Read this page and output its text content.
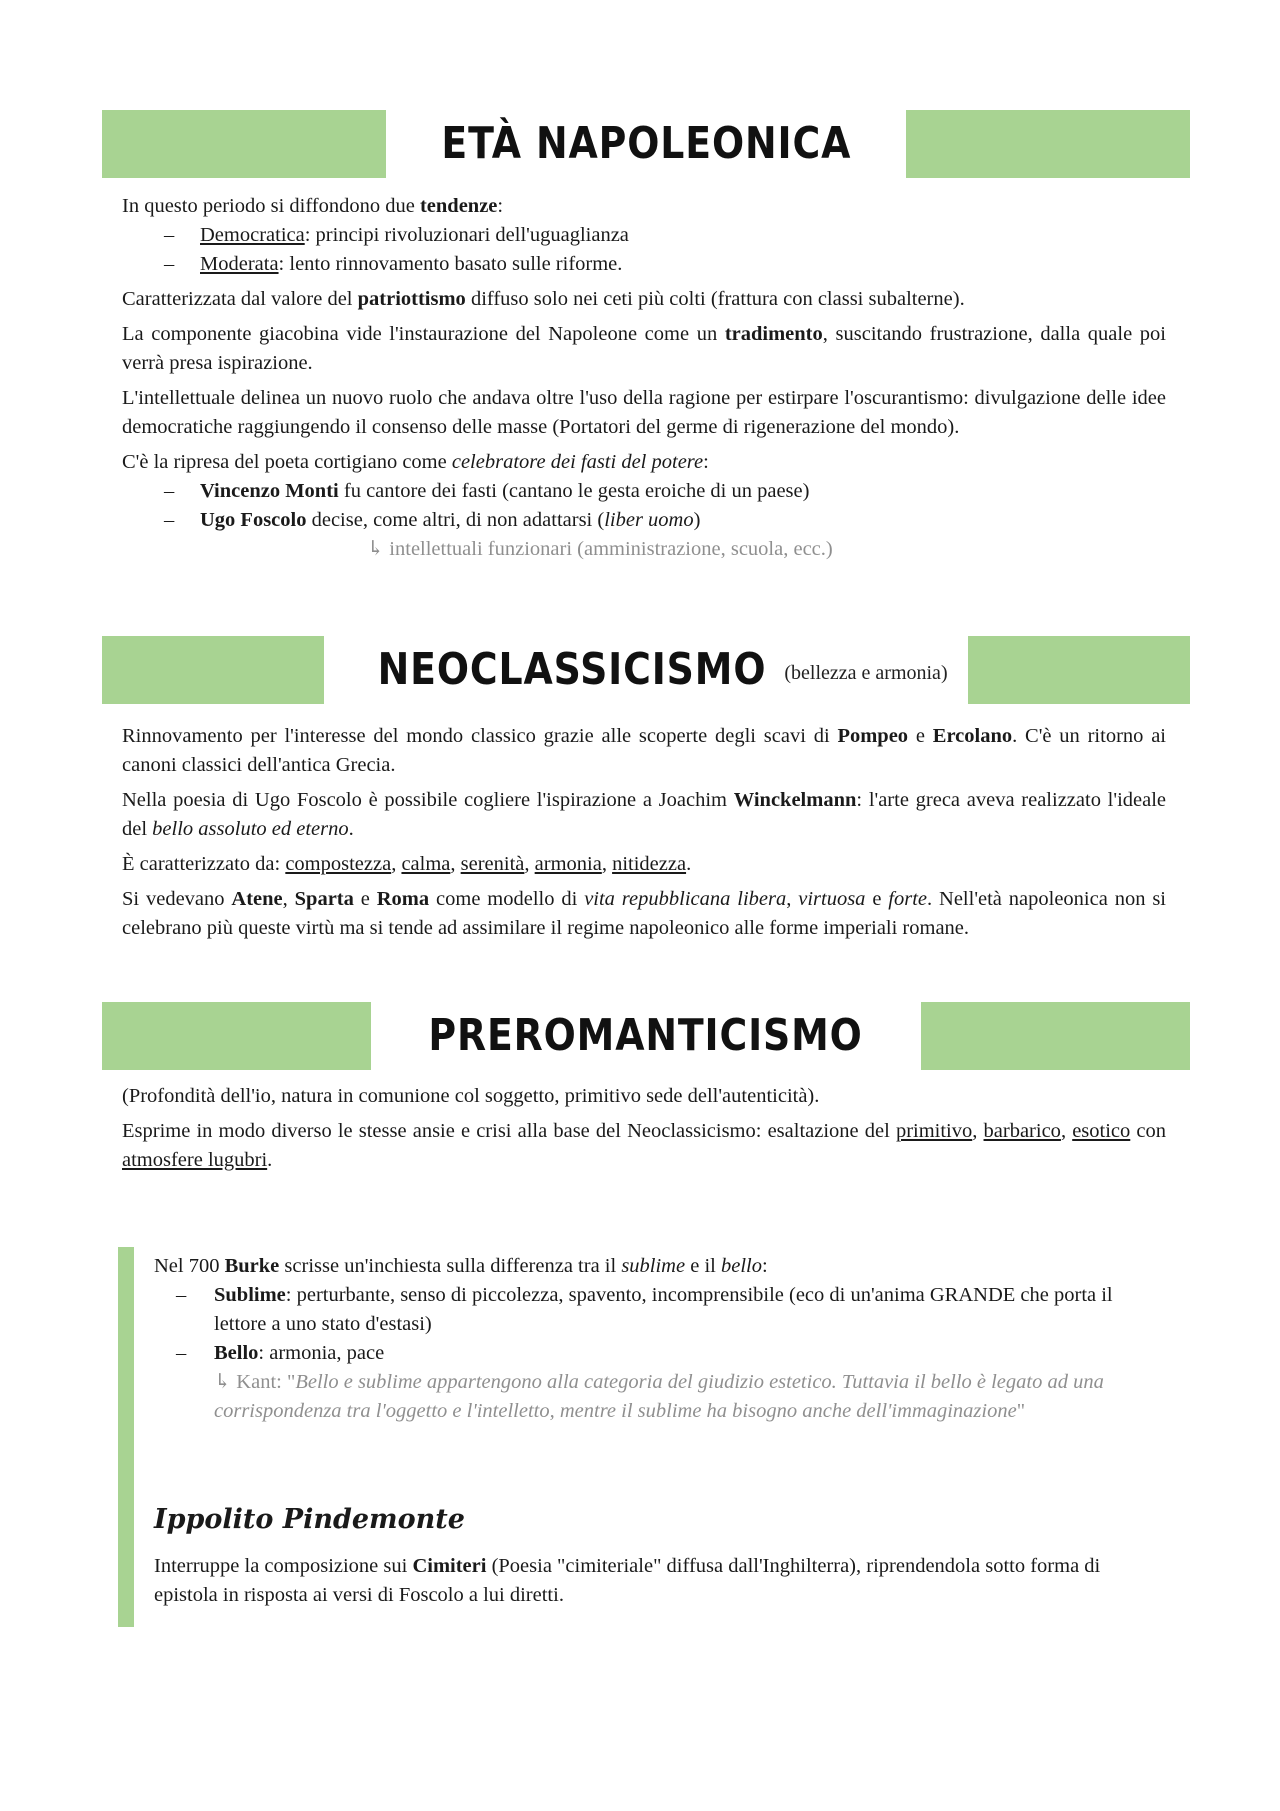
ETÀ NAPOLEONICA

In questo periodo si diffondono due tendenze:

– Democratica: principi rivoluzionari dell'uguaglianza
– Moderata: lento rinnovamento basato sulle riforme.

Caratterizzata dal valore del patriottismo diffuso solo nei ceti più colti (frattura con classi subalterne).

La componente giacobina vide l'instaurazione del Napoleone come un tradimento, suscitando frustrazione, dalla quale poi verrà presa ispirazione.

L'intellettuale delinea un nuovo ruolo che andava oltre l'uso della ragione per estirpare l'oscurantismo: divulgazione delle idee democratiche raggiungendo il consenso delle masse (Portatori del germe di rigenerazione del mondo).

C'è la ripresa del poeta cortigiano come celebratore dei fasti del potere:

– Vincenzo Monti fu cantore dei fasti (cantano le gesta eroiche di un paese)
– Ugo Foscolo decise, come altri, di non adattarsi (liber uomo)
↳ intellettuali funzionari (amministrazione, scuola, ecc.)
NEOCLASSICISMO (bellezza e armonia)

Rinnovamento per l'interesse del mondo classico grazie alle scoperte degli scavi di Pompeo e Ercolano. C'è un ritorno ai canoni classici dell'antica Grecia.

Nella poesia di Ugo Foscolo è possibile cogliere l'ispirazione a Joachim Winckelmann: l'arte greca aveva realizzato l'ideale del bello assoluto ed eterno.

È caratterizzato da: compostezza, calma, serenità, armonia, nitidezza.

Si vedevano Atene, Sparta e Roma come modello di vita repubblicana libera, virtuosa e forte. Nell'età napoleonica non si celebrano più queste virtù ma si tende ad assimilare il regime napoleonico alle forme imperiali romane.

PREROMANTICISMO

(Profondità dell'io, natura in comunione col soggetto, primitivo sede dell'autenticità).

Esprime in modo diverso le stesse ansie e crisi alla base del Neoclassicismo: esaltazione del primitivo, barbarico, esotico con atmosfere lugubri.

Nel 700 Burke scrisse un'inchiesta sulla differenza tra il sublime e il bello:
– Sublime: perturbante, senso di piccolezza, spavento, incomprensibile (eco di un'anima GRANDE che porta il lettore a uno stato d'estasi)
– Bello: armonia, pace
↳ Kant: "Bello e sublime appartengono alla categoria del giudizio estetico. Tuttavia il bello è legato ad una corrispondenza tra l'oggetto e l'intelletto, mentre il sublime ha bisogno anche dell'immaginazione"
Ippolito Pindemonte
Interruppe la composizione sui Cimiteri (Poesia "cimiteriale" diffusa dall'Inghilterra), riprendendola sotto forma di epistola in risposta ai versi di Foscolo a lui diretti.
